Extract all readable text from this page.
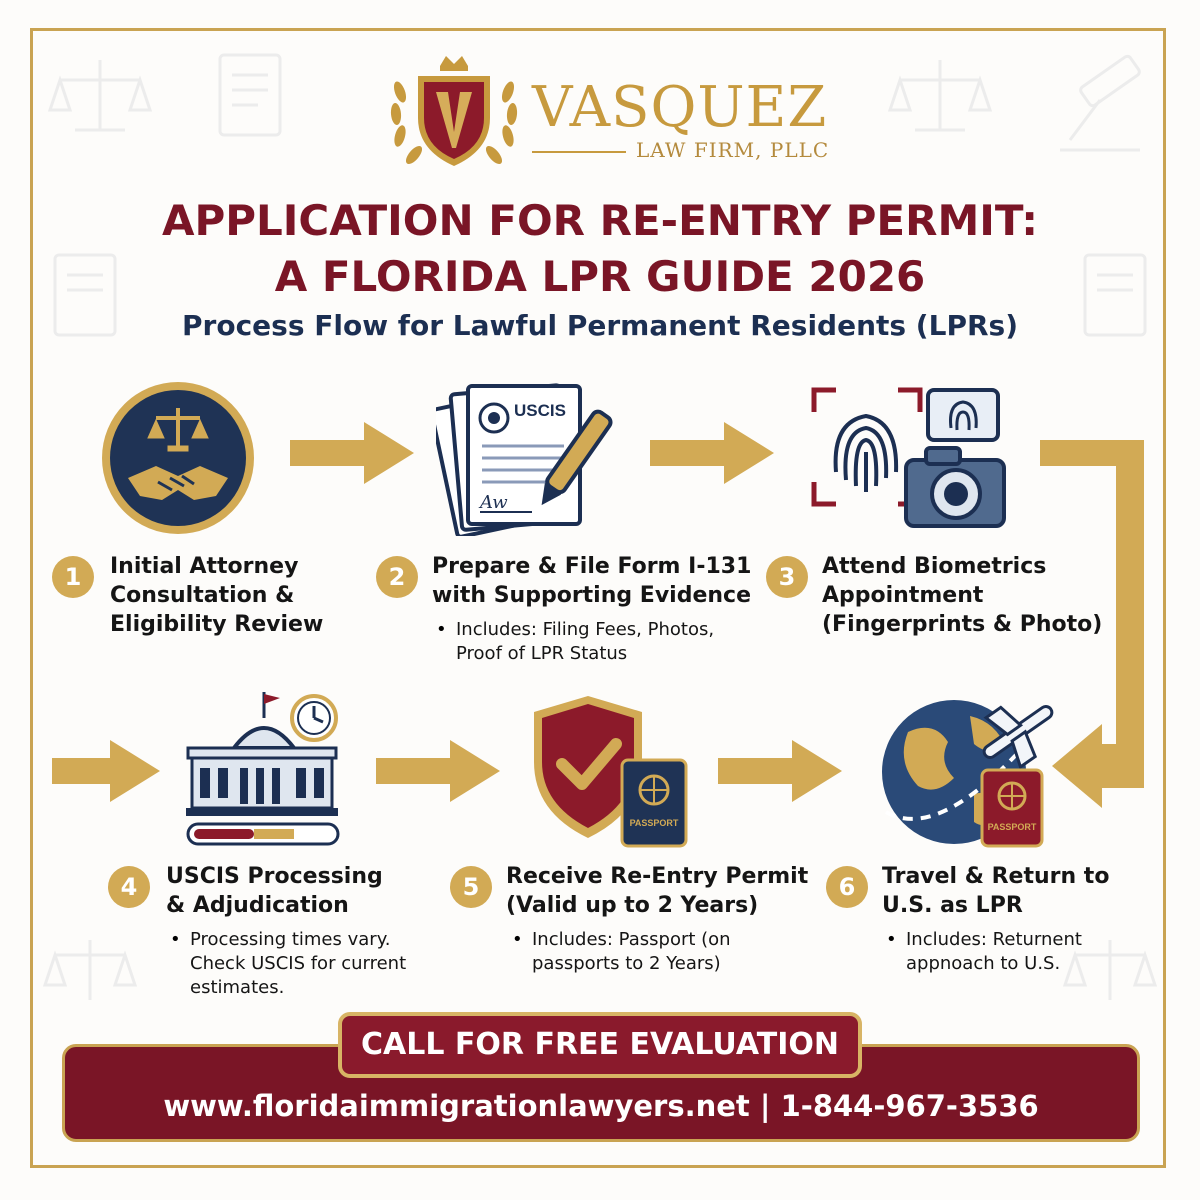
VASQUEZ
LAW FIRM, PLLC
APPLICATION FOR RE-ENTRY PERMIT:
A FLORIDA LPR GUIDE 2026
Process Flow for Lawful Permanent Residents (LPRs)
USCIS
Aw
PASSPORT	PASSPORT
1	Initial Attorney
Consultation &
Eligibility Review
2	Prepare & File Form I-131
with Supporting Evidence
• Includes: Filing Fees, Photos,
Proof of LPR Status
3	Attend Biometrics
Appointment
(Fingerprints & Photo)
4	USCIS Processing
& Adjudication
• Processing times vary.
Check USCIS for current
estimates.
5	Receive Re-Entry Permit
(Valid up to 2 Years)
• Includes: Passport (on
passports to 2 Years)
6	Travel & Return to
U.S. as LPR
• Includes: Returnent
appnoach to U.S.
CALL FOR FREE EVALUATION
www.floridaimmigrationlawyers.net | 1-844-967-3536
